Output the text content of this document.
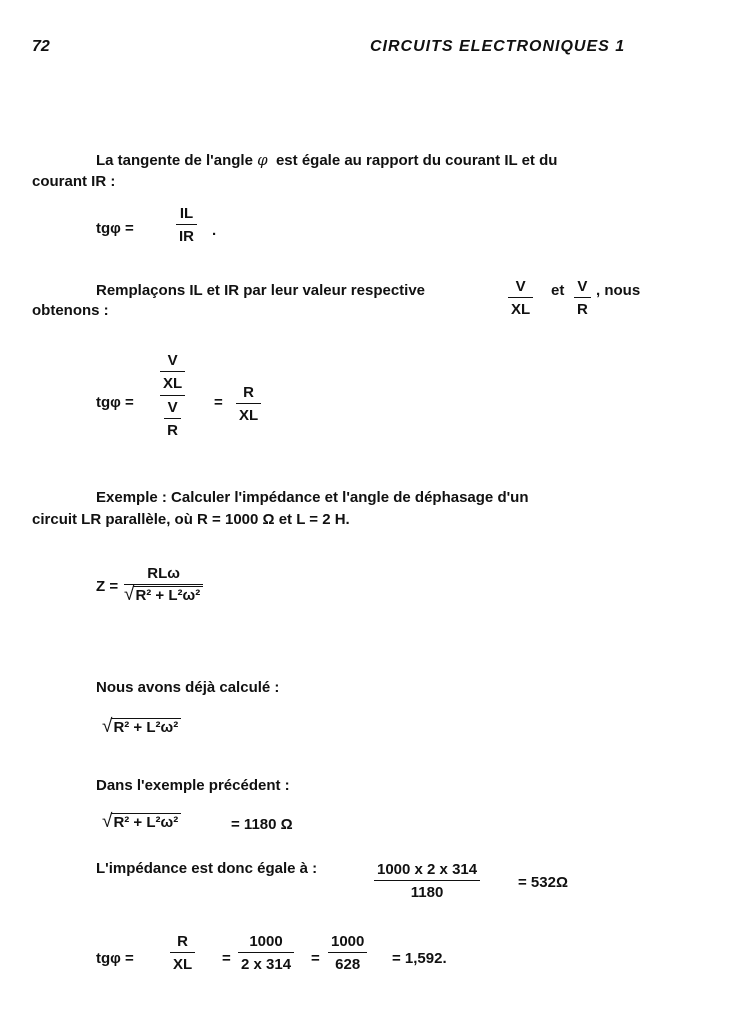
72	CIRCUITS ELECTRONIQUES 1
La tangente de l'angle φ est égale au rapport du courant IL et du
courant IR :
tgφ =
IL
IR .
Remplaçons IL et IR par leur valeur respective	V
XL
et V
R
, nous
obtenons :
tgφ =
$\frac{V}{XL}$
$\frac{V}{R}$ =
R
XL
Exemple : Calculer l'impédance et l'angle de déphasage d'un
circuit LR parallèle, où R = 1000 Ω et L = 2 H.
Z =
RLω
√ R² + L²ω²
Nous avons déjà calculé :
√ R² + L²ω²
Dans l'exemple précédent :
√ R² + L²ω²	= 1180 Ω
L'impédance est donc égale à :	1000 x 2 x 314
1180
= 532Ω
tgφ =
R
XL =
1000
2 x 314 =
1000
628 = 1,592.
